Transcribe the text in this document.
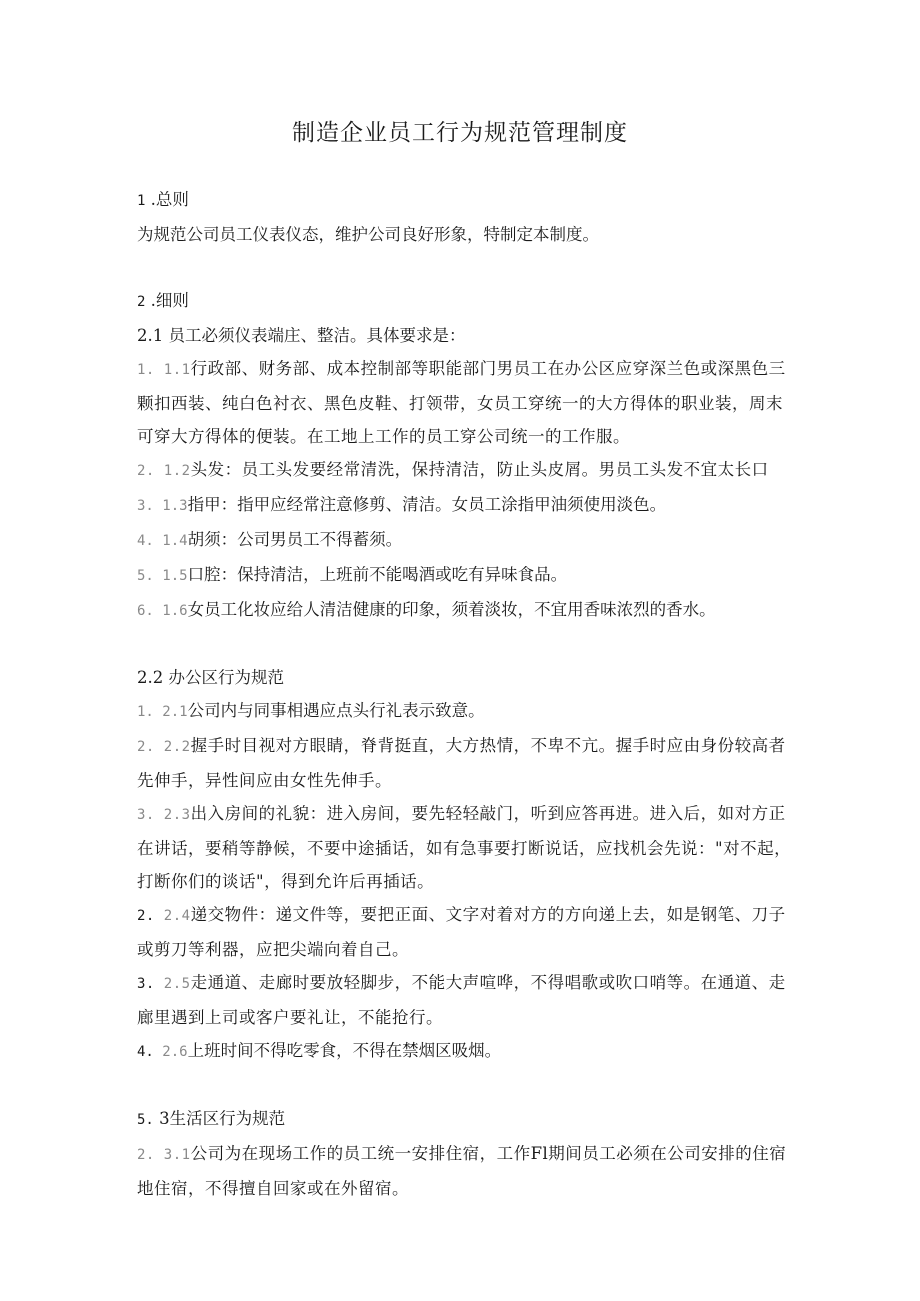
制造企业员工行为规范管理制度

1 .总则

为规范公司员工仪表仪态，维护公司良好形象，特制定本制度。

2 .细则

2.1 员工必须仪表端庄、整洁。具体要求是：

1. 1.1行政部、财务部、成本控制部等职能部门男员工在办公区应穿深兰色或深黑色三颗扣西装、纯白色衬衣、黑色皮鞋、打领带，女员工穿统一的大方得体的职业装，周末可穿大方得体的便装。在工地上工作的员工穿公司统一的工作服。

2. 1.2头发：员工头发要经常清洗，保持清洁，防止头皮屑。男员工头发不宜太长口

3. 1.3指甲：指甲应经常注意修剪、清洁。女员工涂指甲油须使用淡色。

4. 1.4胡须：公司男员工不得蓄须。

5. 1.5口腔：保持清洁，上班前不能喝酒或吃有异味食品。

6. 1.6女员工化妆应给人清洁健康的印象，须着淡妆，不宜用香味浓烈的香水。

2.2 办公区行为规范

1. 2.1公司内与同事相遇应点头行礼表示致意。

2. 2.2握手时目视对方眼睛，脊背挺直，大方热情，不卑不亢。握手时应由身份较高者先伸手，异性间应由女性先伸手。

3. 2.3出入房间的礼貌：进入房间，要先轻轻敲门，听到应答再进。进入后，如对方正在讲话，要稍等静候，不要中途插话，如有急事要打断说话，应找机会先说："对不起，打断你们的谈话"，得到允许后再插话。

2. 2.4递交物件：递文件等，要把正面、文字对着对方的方向递上去，如是钢笔、刀子或剪刀等利器，应把尖端向着自己。

3. 2.5走通道、走廊时要放轻脚步，不能大声喧哗，不得唱歌或吹口哨等。在通道、走廊里遇到上司或客户要礼让，不能抢行。

4. 2.6上班时间不得吃零食，不得在禁烟区吸烟。

5. 3生活区行为规范

2. 3.1公司为在现场工作的员工统一安排住宿，工作Fl期间员工必须在公司安排的住宿地住宿，不得擅自回家或在外留宿。
